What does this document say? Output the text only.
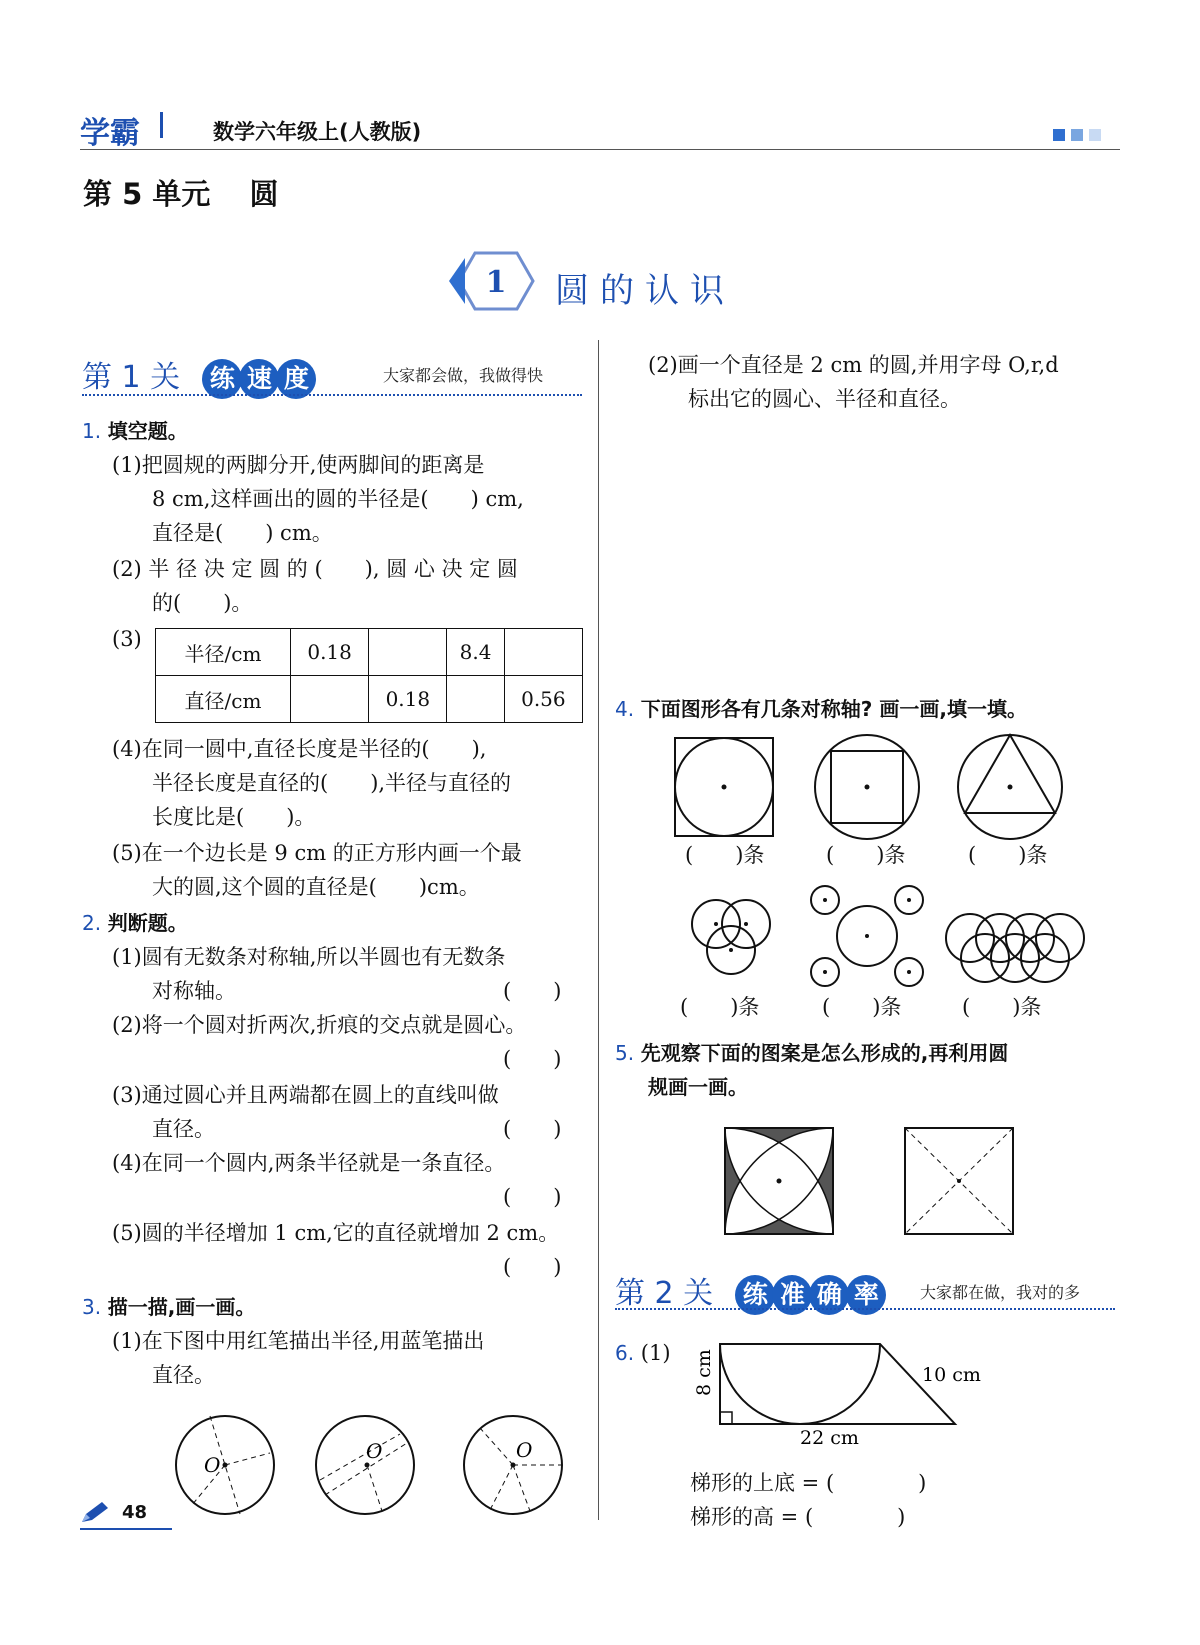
学霸	数学六年级上(人教版)
第 5 单元　 圆
1 圆的认识
第 1 关 练 速 度	大家都会做，我做得快
1. 填空题。
(1)把圆规的两脚分开,使两脚间的距离是
8 cm,这样画出的圆的半径是(　　) cm,
直径是(　　) cm。
(2) 半 径 决 定 圆 的 (　　), 圆 心 决 定 圆
的(　　)。
(3)
半径/cm	0.18		8.4	
直径/cm		0.18		0.56
(4)在同一圆中,直径长度是半径的(　　),
半径长度是直径的(　　),半径与直径的
长度比是(　　)。
(5)在一个边长是 9 cm 的正方形内画一个最
大的圆,这个圆的直径是(　　)cm。
2. 判断题。
(1)圆有无数条对称轴,所以半圆也有无数条
对称轴。	(　　)
(2)将一个圆对折两次,折痕的交点就是圆心。
(　　)
(3)通过圆心并且两端都在圆上的直线叫做
直径。	(　　)
(4)在同一个圆内,两条半径就是一条直径。
(　　)
(5)圆的半径增加 1 cm,它的直径就增加 2 cm。
(　　)
3. 描一描,画一画。
(1)在下图中用红笔描出半径,用蓝笔描出
直径。
O
O	O
48
(2)画一个直径是 2 cm 的圆,并用字母 O,r,d
标出它的圆心、半径和直径。
4. 下面图形各有几条对称轴? 画一画,填一填。
(　　)条	(　　)条	(　　)条
(　　)条	(　　)条	(　　)条
5. 先观察下面的图案是怎么形成的,再利用圆
规画一画。
第 2 关 练 准 确 率	大家都在做，我对的多
6. (1) 8 cm	10 cm
22 cm
梯形的上底 = (　　　　)
梯形的高 = (　　　　)
